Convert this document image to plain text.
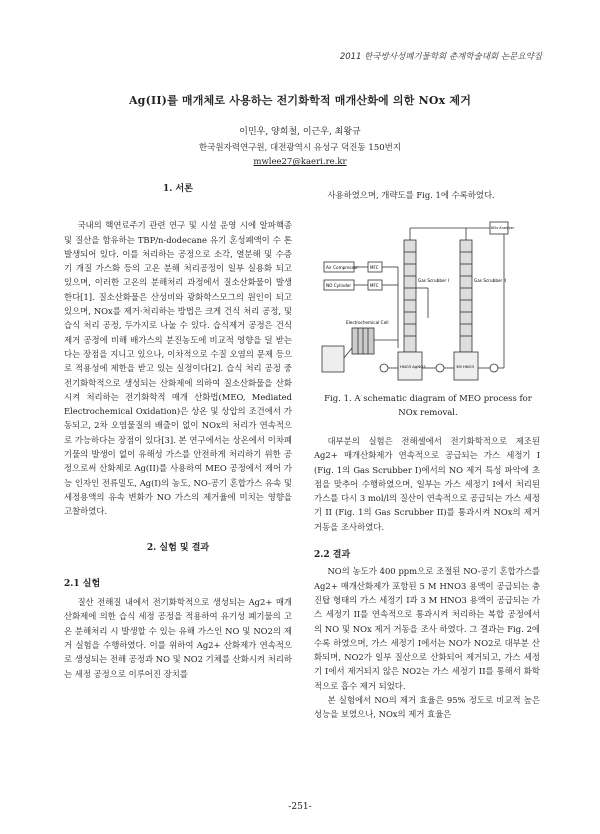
2011 한국방사성폐기물학회 춘계학술대회 논문요약집
Ag(II)를 매개체로 사용하는 전기화학적 매개산화에 의한 NOx 제거
이민우, 양희철, 이근우, 최왕규
한국원자력연구원, 대전광역시 유성구 덕진동 150번지
mwlee27@kaeri.re.kr
1. 서론

국내의 핵연료주기 관련 연구 및 시설 운영 시에 알파핵종 및 질산을 함유하는 TBP/n-dodecane 유기 혼성폐액이 수 톤 발생되어 있다. 이를 처리하는 공정으로 소각, 열분해 및 수증기 개질 가스화 등의 고온 분해 처리공정이 일부 실용화 되고 있으며, 이러한 고온의 분해처리 과정에서 질소산화물이 발생한다[1]. 질소산화물은 산성비와 광화학스모그의 원인이 되고 있으며, NOx를 제거·처리하는 방법은 크게 건식 처리 공정, 및 습식 처리 공정, 두가지로 나눌 수 있다. 습식제거 공정은 건식 제거 공정에 비해 배가스의 분진농도에 비교적 영향을 덜 받는다는 장점을 지니고 있으나, 이차적으로 수질 오염의 문제 등으로 적용성에 제한을 받고 있는 실정이다[2]. 습식 처리 공정 중 전기화학적으로 생성되는 산화제에 의하여 질소산화물을 산화시켜 처리하는 전기화학적 매개 산화법(MEO, Mediated Electrochemical Oxidation)은 상온 및 상압의 조건에서 가동되고, 2차 오염물질의 배출이 없이 NOx의 처리가 연속적으로 가능하다는 장점이 있다[3]. 본 연구에서는 상온에서 이차폐기물의 발생이 없이 유해성 가스를 안전하게 처리하기 위한 공정으로써 산화제로 Ag(II)를 사용하여 MEO 공정에서 제어 가능 인자인 전류밀도, Ag(I)의 농도, NO-공기 혼합가스 유속 및 세정용액의 유속 변화가 NO 가스의 제거율에 미치는 영향을 고찰하였다.

2. 실험 및 결과
2.1 실험

질산 전해질 내에서 전기화학적으로 생성되는 Ag2+ 매개산화제에 의한 습식 세정 공정을 적용하여 유기성 폐기물의 고온 분해처리 시 발생할 수 있는 유해 가스인 NO 및 NO2의 제거 실험을 수행하였다. 이를 위하여 Ag2+ 산화제가 연속적으로 생성되는 전해 공정과 NO 및 NO2 기체를 산화시켜 처리하는 세정 공정으로 이루어진 장치를

사용하였으며, 개략도를 Fig. 1에 수록하였다.

Air Compressor
NO Cylinder
MFC
MFC
Electrochemical Cell
Gas Scrubber I	Gas Scrubber II
HNO3 AgNO3	3M HNO3
NOx Analyzer
Fig. 1. A schematic diagram of MEO process for
NOx removal.

대부분의 실험은 전해셀에서 전기화학적으로 제조된 Ag2+ 매개산화제가 연속적으로 공급되는 가스 세정기 I (Fig. 1의 Gas Scrubber I)에서의 NO 제거 특성 파악에 초점을 맞추어 수행하였으며, 일부는 가스 세정기 I에서 처리된 가스를 다시 3 mol/l의 질산이 연속적으로 공급되는 가스 세정기 II (Fig. 1의 Gas Scrubber II)를 통과시켜 NOx의 제거 거동을 조사하였다.

2.2 결과

NO의 농도가 400 ppm으로 조절된 NO-공기 혼합가스를 Ag2+ 매개산화제가 포함된 5 M HNO3 용액이 공급되는 충진탑 형태의 가스 세정기 I과 3 M HNO3 용액이 공급되는 가스 세정기 II를 연속적으로 통과시켜 처리하는 복합 공정에서의 NO 및 NOx 제거 거동을 조사 하였다. 그 결과는 Fig. 2에 수록 하였으며, 가스 세정기 I에서는 NO가 NO2로 대부분 산화되며, NO2가 일부 질산으로 산화되어 제거되고, 가스 세정기 I에서 제거되지 않은 NO2는 가스 세정기 II를 통해서 화학적으로 흡수 제거 되었다.

본 실험에서 NO의 제거 효율은 95% 정도로 비교적 높은 성능을 보였으나, NOx의 제거 효율은

-251-
